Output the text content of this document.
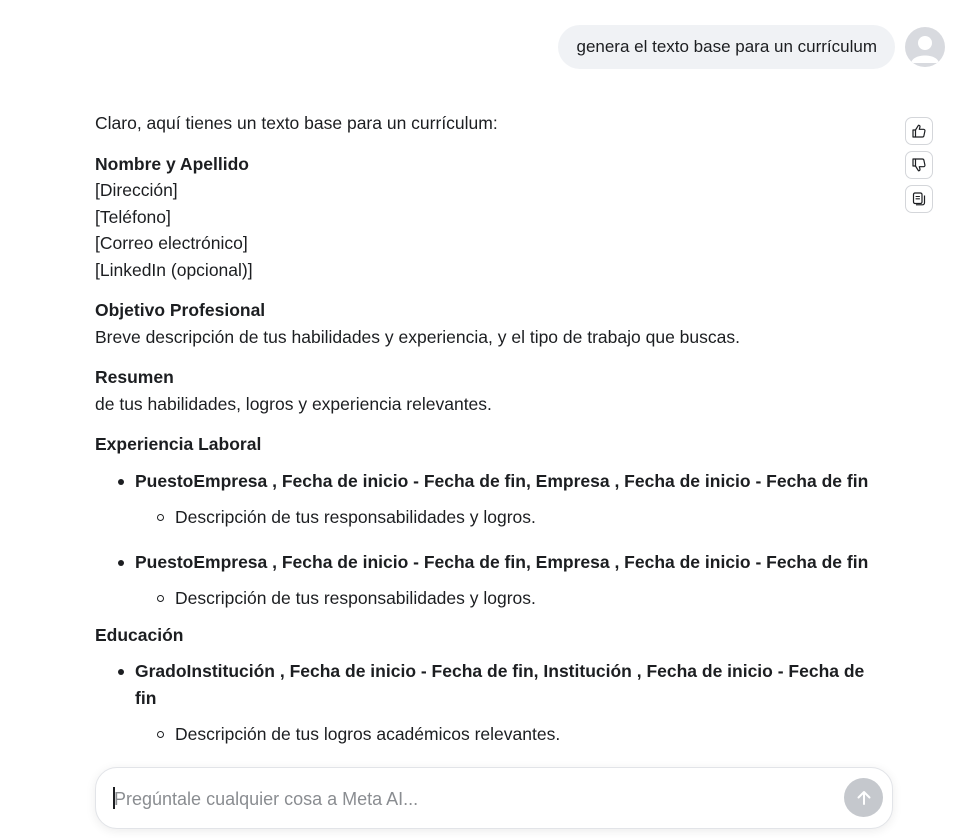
genera el texto base para un currículum

Claro, aquí tienes un texto base para un currículum:

Nombre y Apellido
[Dirección]
[Teléfono]
[Correo electrónico]
[LinkedIn (opcional)]

Objetivo Profesional
Breve descripción de tus habilidades y experiencia, y el tipo de trabajo que buscas.

Resumen
de tus habilidades, logros y experiencia relevantes.

Experiencia Laboral

PuestoEmpresa , Fecha de inicio - Fecha de fin, Empresa , Fecha de inicio - Fecha de fin
Descripción de tus responsabilidades y logros.
PuestoEmpresa , Fecha de inicio - Fecha de fin, Empresa , Fecha de inicio - Fecha de fin
Descripción de tus responsabilidades y logros.

Educación

GradoInstitución , Fecha de inicio - Fecha de fin, Institución , Fecha de inicio - Fecha de fin
Descripción de tus logros académicos relevantes.
Pregúntale cualquier cosa a Meta AI...
